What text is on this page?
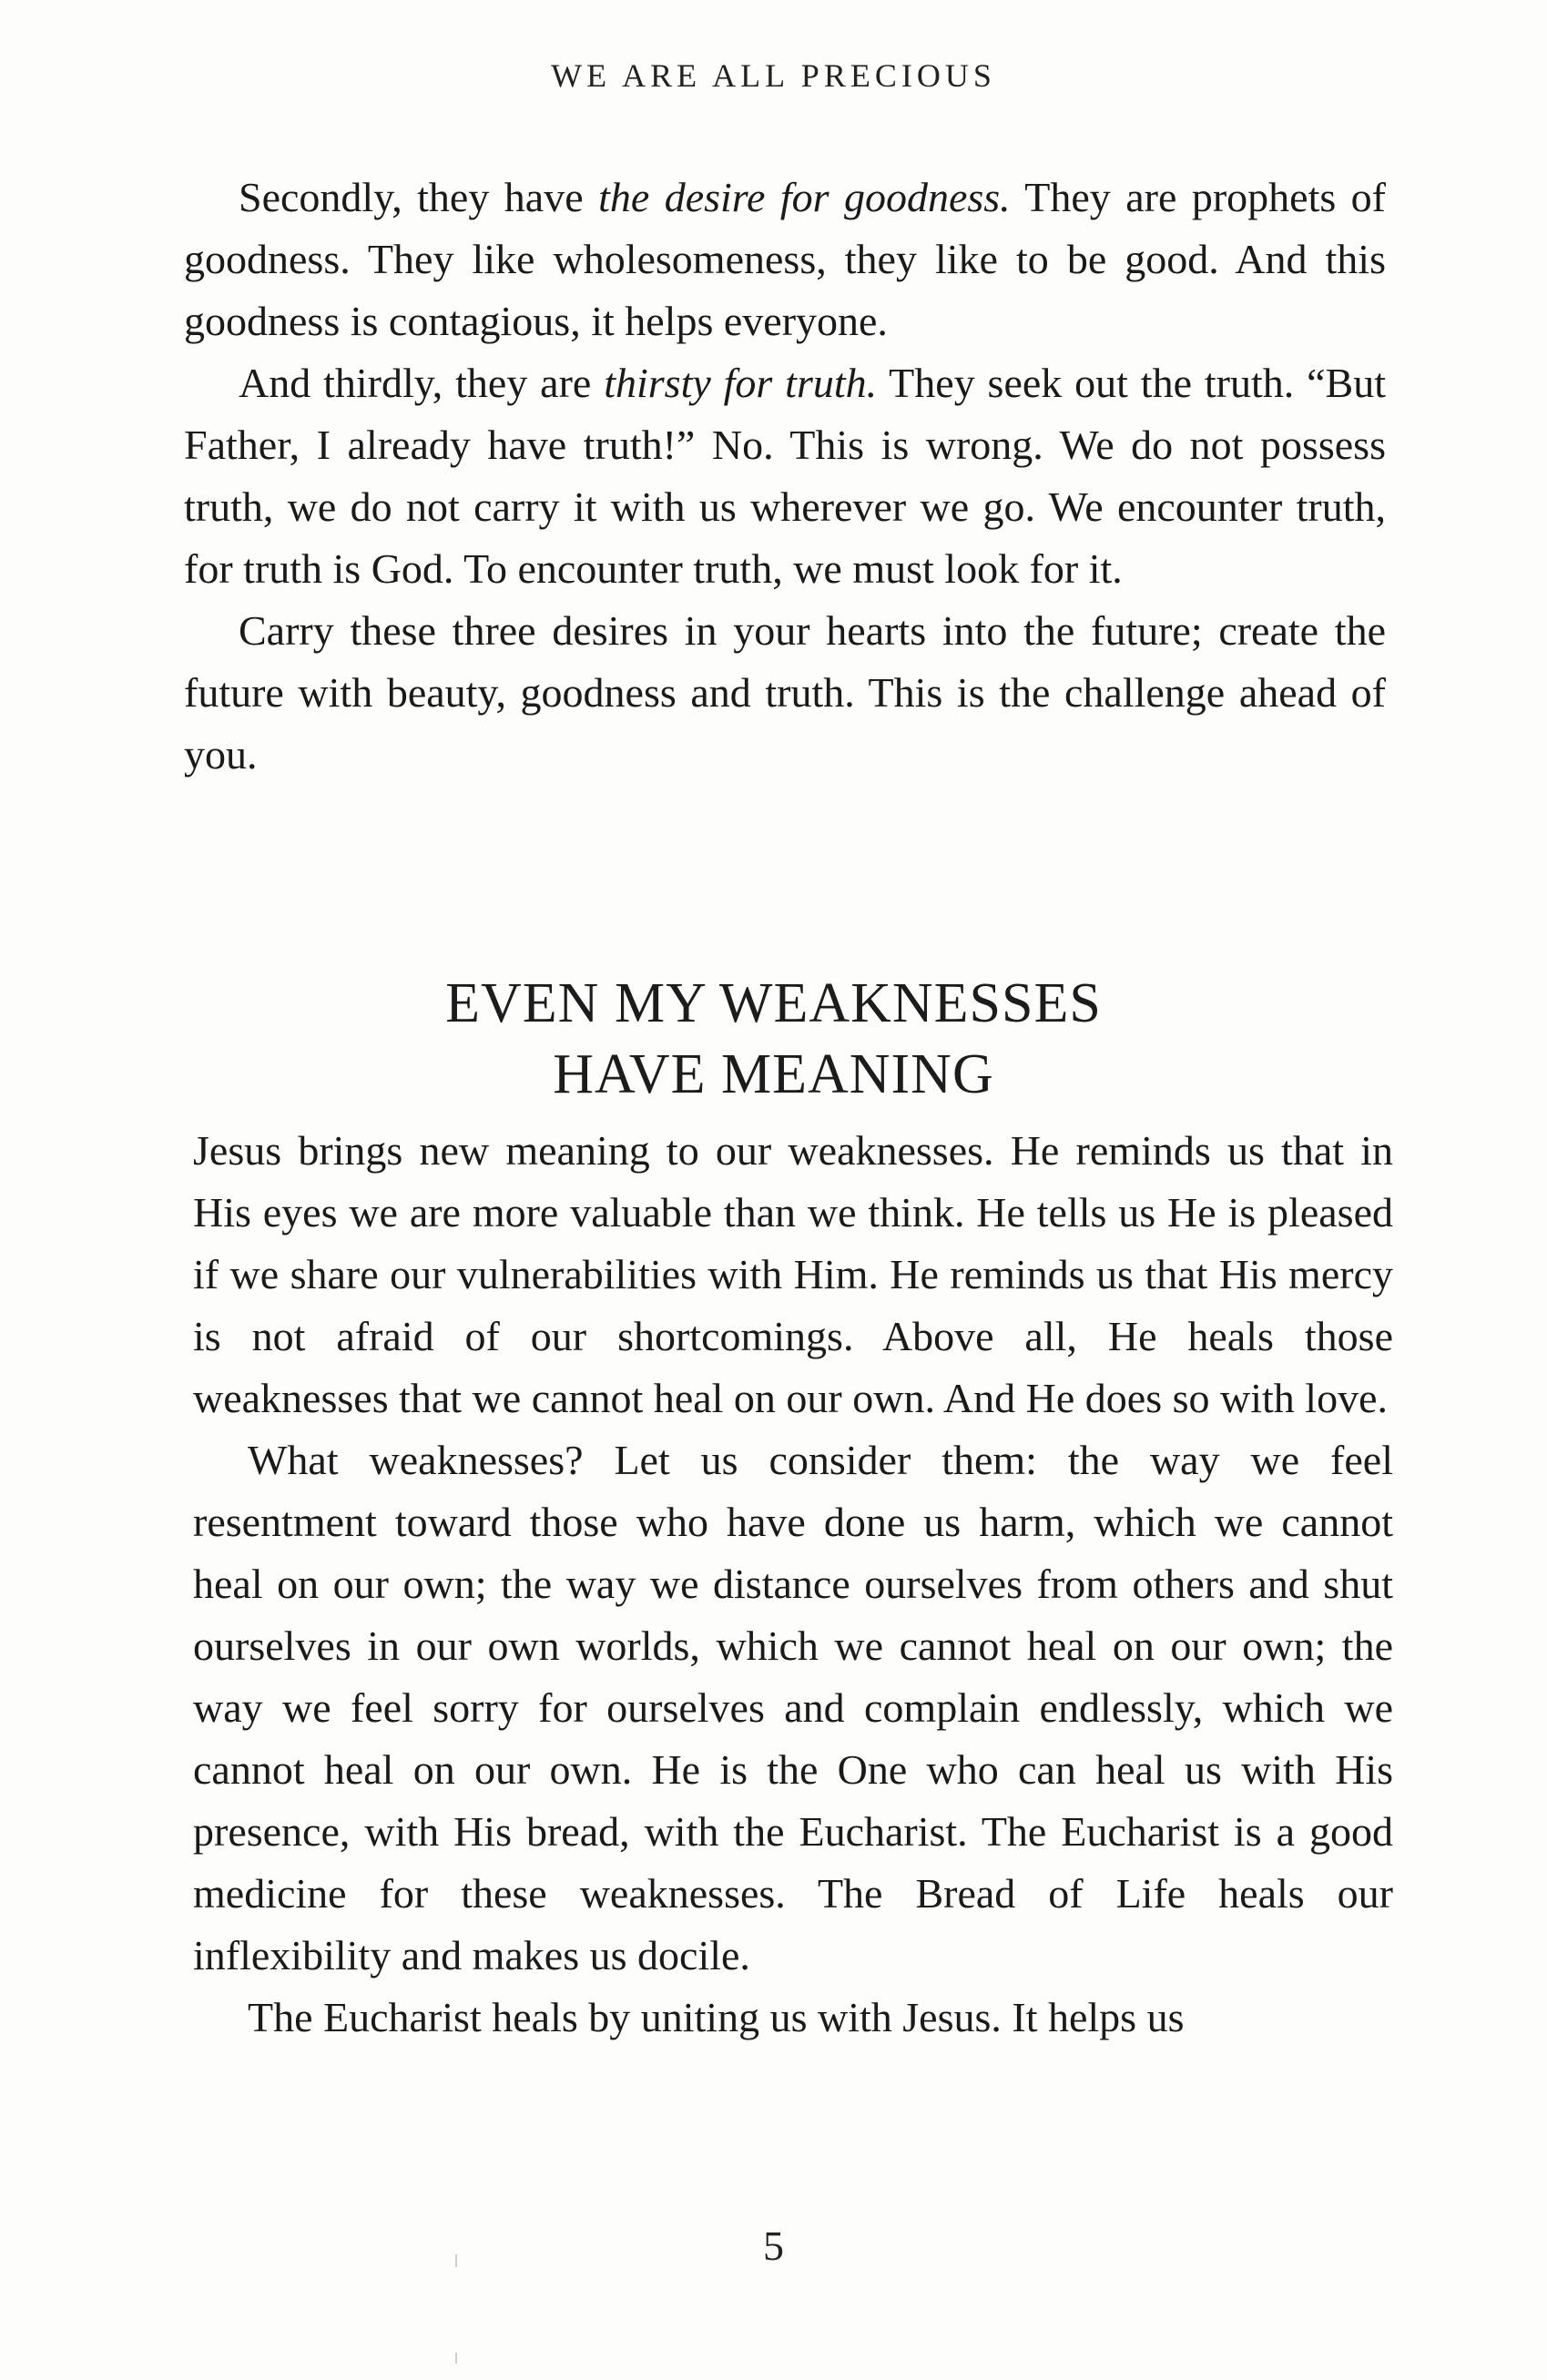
WE ARE ALL PRECIOUS

Secondly, they have the desire for goodness. They are prophets of goodness. They like wholesomeness, they like to be good. And this goodness is contagious, it helps everyone.

And thirdly, they are thirsty for truth. They seek out the truth. “But Father, I already have truth!” No. This is wrong. We do not possess truth, we do not carry it with us wherever we go. We encounter truth, for truth is God. To encounter truth, we must look for it.

Carry these three desires in your hearts into the future; create the future with beauty, goodness and truth. This is the challenge ahead of you.

EVEN MY WEAKNESSES
HAVE MEANING

Jesus brings new meaning to our weaknesses. He reminds us that in His eyes we are more valuable than we think. He tells us He is pleased if we share our vulnerabilities with Him. He reminds us that His mercy is not afraid of our shortcomings. Above all, He heals those weaknesses that we cannot heal on our own. And He does so with love.

What weaknesses? Let us consider them: the way we feel resentment toward those who have done us harm, which we cannot heal on our own; the way we distance ourselves from others and shut ourselves in our own worlds, which we cannot heal on our own; the way we feel sorry for ourselves and complain endlessly, which we cannot heal on our own. He is the One who can heal us with His presence, with His bread, with the Eucharist. The Eucharist is a good medicine for these weaknesses. The Bread of Life heals our inflexibility and makes us docile.

The Eucharist heals by uniting us with Jesus. It helps us

5
